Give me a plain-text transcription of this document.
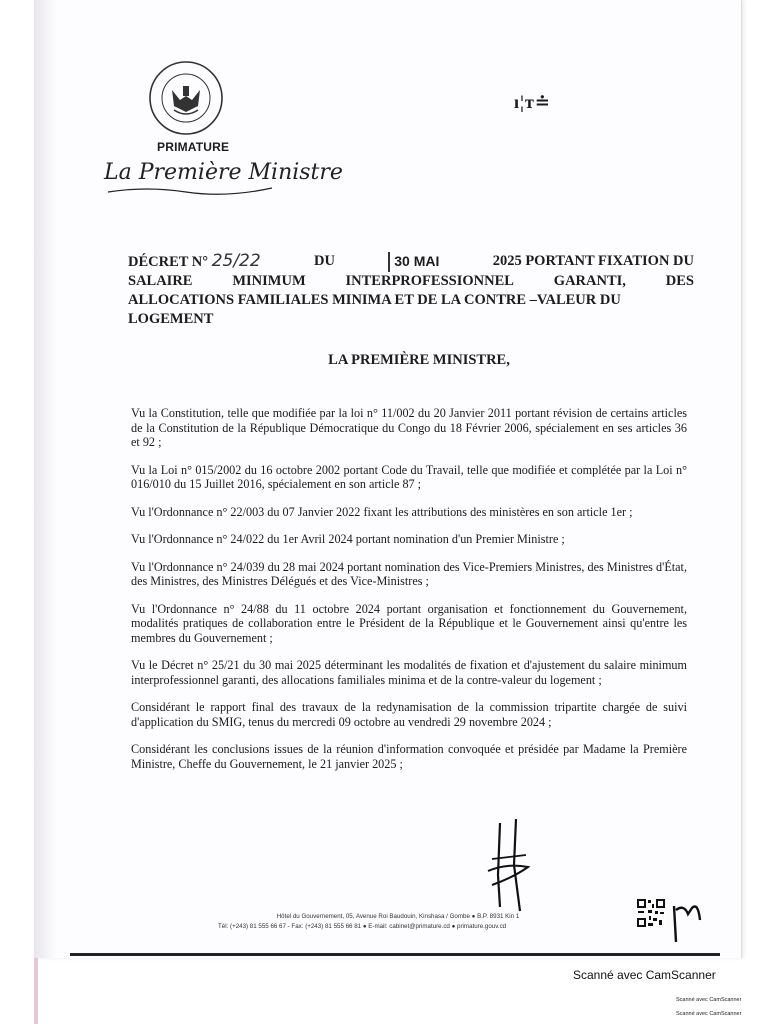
ı¦ᴛ≐
PRIMATURE
La Première Ministre
DÉCRET N° 25/22	DU	30 MAI	2025 PORTANT FIXATION DU
SALAIRE	MINIMUM	INTERPROFESSIONNEL	GARANTI,	DES
ALLOCATIONS FAMILIALES MINIMA ET DE LA CONTRE –VALEUR DU
LOGEMENT
LA PREMIÈRE MINISTRE,

Vu la Constitution, telle que modifiée par la loi n° 11/002 du 20 Janvier 2011 portant révision de certains articles de la Constitution de la République Démocratique du Congo du 18 Février 2006, spécialement en ses articles 36 et 92 ;

Vu la Loi n° 015/2002 du 16 octobre 2002 portant Code du Travail, telle que modifiée et complétée par la Loi n° 016/010 du 15 Juillet 2016, spécialement en son article 87 ;

Vu l'Ordonnance n° 22/003 du 07 Janvier 2022 fixant les attributions des ministères en son article 1er ;

Vu l'Ordonnance n° 24/022 du 1er Avril 2024 portant nomination d'un Premier Ministre ;

Vu l'Ordonnance n° 24/039 du 28 mai 2024 portant nomination des Vice-Premiers Ministres, des Ministres d'État, des Ministres, des Ministres Délégués et des Vice-Ministres ;

Vu l'Ordonnance n° 24/88 du 11 octobre 2024 portant organisation et fonctionnement du Gouvernement, modalités pratiques de collaboration entre le Président de la République et le Gouvernement ainsi qu'entre les membres du Gouvernement ;

Vu le Décret n° 25/21 du 30 mai 2025 déterminant les modalités de fixation et d'ajustement du salaire minimum interprofessionnel garanti, des allocations familiales minima et de la contre-valeur du logement ;

Considérant le rapport final des travaux de la redynamisation de la commission tripartite chargée de suivi d'application du SMIG, tenus du mercredi 09 octobre au vendredi 29 novembre 2024 ;

Considérant les conclusions issues de la réunion d'information convoquée et présidée par Madame la Première Ministre, Cheffe du Gouvernement, le 21 janvier 2025 ;

Hôtel du Gouvernement, 05, Avenue Roi Baudouin, Kinshasa / Gombe ● B.P. 8931 Kin 1
Tél: (+243) 81 555 66 67 - Fax: (+243) 81 555 66 81 ● E-mail: cabinet@primature.cd ● primature.gouv.cd
Scanné avec CamScanner
Scanné avec CamScanner
Scanné avec CamScanner
